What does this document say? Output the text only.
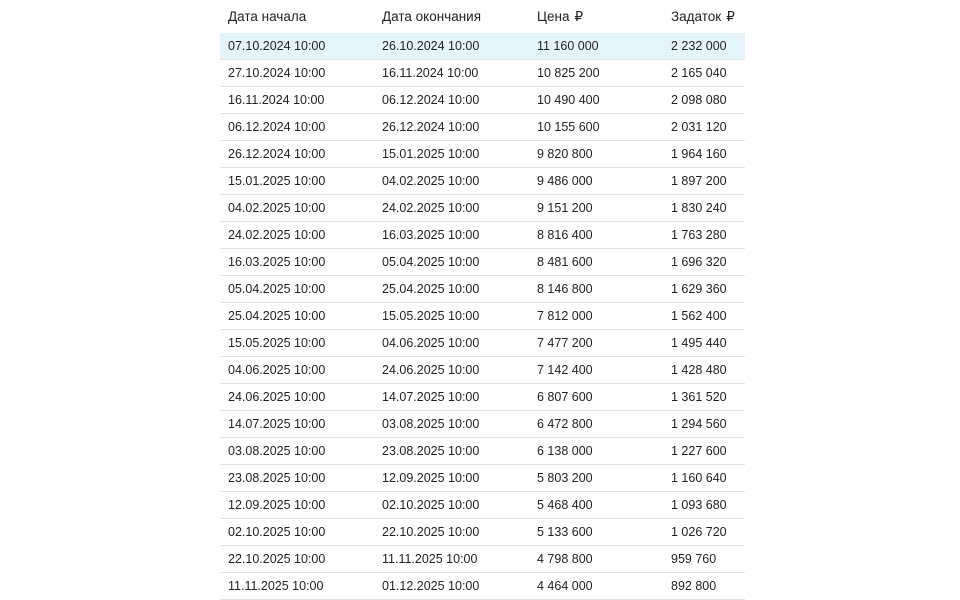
Дата начала	Дата окончания	Цена ₽	Задаток ₽
07.10.2024 10:00	26.10.2024 10:00	11 160 000	2 232 000
27.10.2024 10:00	16.11.2024 10:00	10 825 200	2 165 040
16.11.2024 10:00	06.12.2024 10:00	10 490 400	2 098 080
06.12.2024 10:00	26.12.2024 10:00	10 155 600	2 031 120
26.12.2024 10:00	15.01.2025 10:00	9 820 800	1 964 160
15.01.2025 10:00	04.02.2025 10:00	9 486 000	1 897 200
04.02.2025 10:00	24.02.2025 10:00	9 151 200	1 830 240
24.02.2025 10:00	16.03.2025 10:00	8 816 400	1 763 280
16.03.2025 10:00	05.04.2025 10:00	8 481 600	1 696 320
05.04.2025 10:00	25.04.2025 10:00	8 146 800	1 629 360
25.04.2025 10:00	15.05.2025 10:00	7 812 000	1 562 400
15.05.2025 10:00	04.06.2025 10:00	7 477 200	1 495 440
04.06.2025 10:00	24.06.2025 10:00	7 142 400	1 428 480
24.06.2025 10:00	14.07.2025 10:00	6 807 600	1 361 520
14.07.2025 10:00	03.08.2025 10:00	6 472 800	1 294 560
03.08.2025 10:00	23.08.2025 10:00	6 138 000	1 227 600
23.08.2025 10:00	12.09.2025 10:00	5 803 200	1 160 640
12.09.2025 10:00	02.10.2025 10:00	5 468 400	1 093 680
02.10.2025 10:00	22.10.2025 10:00	5 133 600	1 026 720
22.10.2025 10:00	11.11.2025 10:00	4 798 800	959 760
11.11.2025 10:00	01.12.2025 10:00	4 464 000	892 800
